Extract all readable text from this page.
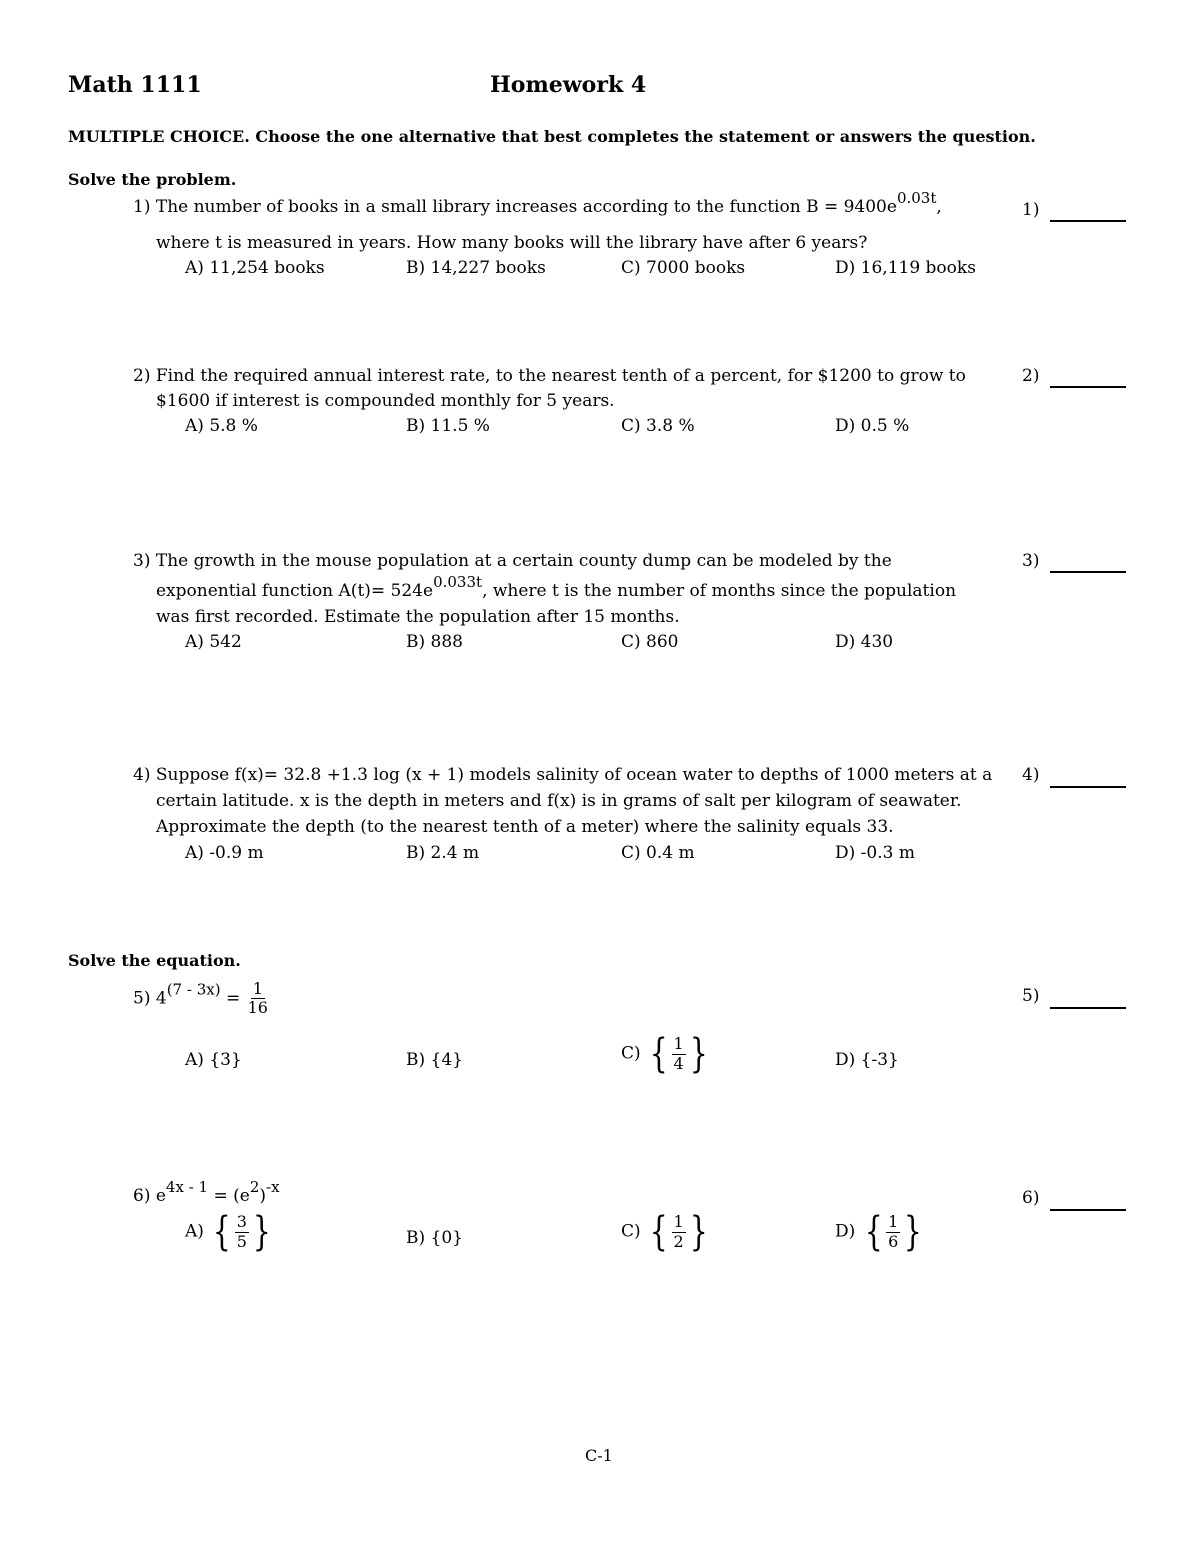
Math 1111	Homework 4
MULTIPLE CHOICE. Choose the one alternative that best completes the statement or answers the question.
Solve the problem.
1) The number of books in a small library increases according to the function $B = 9400e^{0.03t}$,
where t is measured in years. How many books will the library have after 6 years?
A) 11,254 books	B) 14,227 books	C) 7000 books	D) 16,119 books
1)
2) Find the required annual interest rate, to the nearest tenth of a percent, for $1200 to grow to
$1600 if interest is compounded monthly for 5 years.
A) 5.8 %	B) 11.5 %	C) 3.8 %	D) 0.5 %
2)
3) The growth in the mouse population at a certain county dump can be modeled by the
exponential function $A(t)= 524e^{0.033t}$, where t is the number of months since the population
was first recorded. Estimate the population after 15 months.
A) 542	B) 888	C) 860	D) 430
3)
4) Suppose f(x)= 32.8 +1.3 log (x + 1) models salinity of ocean water to depths of 1000 meters at a
certain latitude. x is the depth in meters and f(x) is in grams of salt per kilogram of seawater.
Approximate the depth (to the nearest tenth of a meter) where the salinity equals 33.
A) -0.9 m	B) 2.4 m	C) 0.4 m	D) -0.3 m
4)
Solve the equation.
5) $4^{(7 - 3x)} = \frac{1}{16}$
A) {3}	B) {4}	C) { $\frac{1}{4}$ }	D) {-3}
5)
6) $e^{4x - 1} = (e^2)^{-x}$
A) { $\frac{3}{5}$ }	B) {0}	C) { $\frac{1}{2}$ }	D) { $\frac{1}{6}$ }
6)
C-1
